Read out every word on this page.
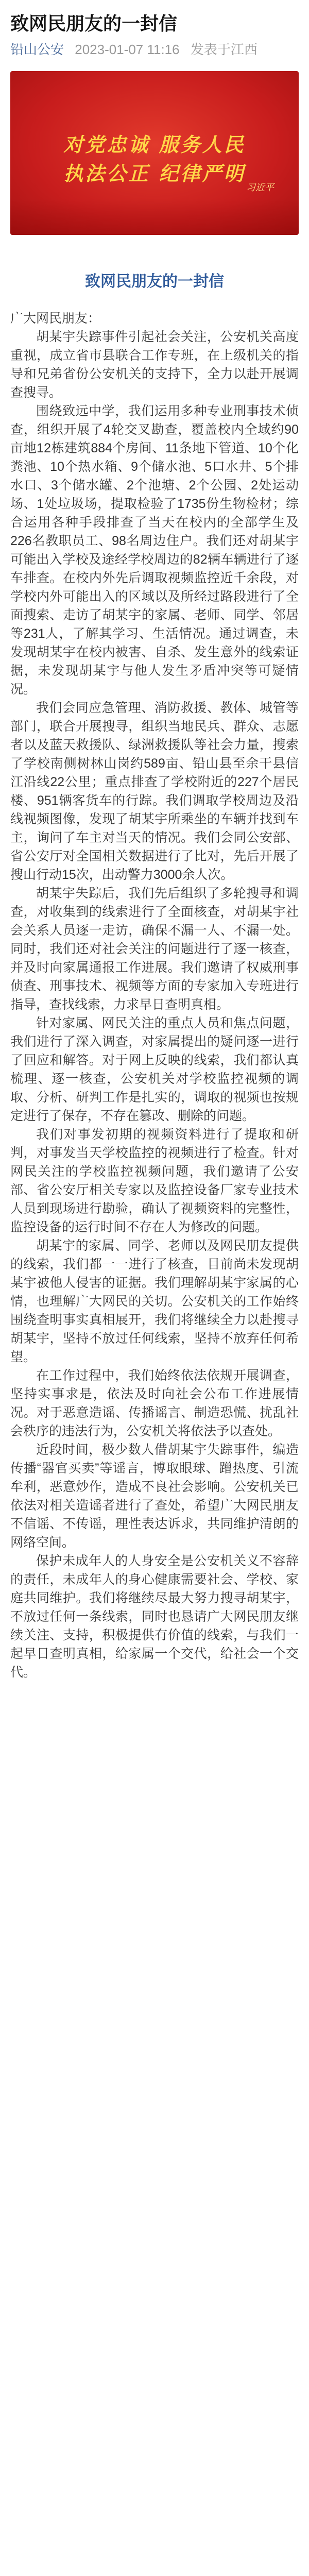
致网民朋友的一封信
铅山公安 2023-01-07 11:16 发表于江西
对党忠诚 服务人民
执法公正 纪律严明
习近平
致网民朋友的一封信

广大网民朋友：

胡某宇失踪事件引起社会关注，公安机关高度重视，成立省市县联合工作专班，在上级机关的指导和兄弟省份公安机关的支持下，全力以赴开展调查搜寻。

围绕致远中学，我们运用多种专业刑事技术侦查，组织开展了4轮交叉勘查，覆盖校内全域约90亩地12栋建筑884个房间、11条地下管道、10个化粪池、10个热水箱、9个储水池、5口水井、5个排水口、3个储水罐、2个池塘、2个公园、2处运动场、1处垃圾场，提取检验了1735份生物检材；综合运用各种手段排查了当天在校内的全部学生及226名教职员工、98名周边住户。我们还对胡某宇可能出入学校及途经学校周边的82辆车辆进行了逐车排查。在校内外先后调取视频监控近千余段，对学校内外可能出入的区域以及所经过路段进行了全面搜索、走访了胡某宇的家属、老师、同学、邻居等231人，了解其学习、生活情况。通过调查，未发现胡某宇在校内被害、自杀、发生意外的线索证据，未发现胡某宇与他人发生矛盾冲突等可疑情况。

我们会同应急管理、消防救援、教体、城管等部门，联合开展搜寻，组织当地民兵、群众、志愿者以及蓝天救援队、绿洲救援队等社会力量，搜索了学校南侧树林山岗约589亩、铅山县至余干县信江沿线22公里；重点排查了学校附近的227个居民楼、951辆客货车的行踪。我们调取学校周边及沿线视频图像，发现了胡某宇所乘坐的车辆并找到车主，询问了车主对当天的情况。我们会同公安部、省公安厅对全国相关数据进行了比对，先后开展了搜山行动15次，出动警力3000余人次。

胡某宇失踪后，我们先后组织了多轮搜寻和调查，对收集到的线索进行了全面核查，对胡某宇社会关系人员逐一走访，确保不漏一人、不漏一处。同时，我们还对社会关注的问题进行了逐一核查，并及时向家属通报工作进展。我们邀请了权威刑事侦查、刑事技术、视频等方面的专家加入专班进行指导，查找线索，力求早日查明真相。

针对家属、网民关注的重点人员和焦点问题，我们进行了深入调查，对家属提出的疑问逐一进行了回应和解答。对于网上反映的线索，我们都认真梳理、逐一核查，公安机关对学校监控视频的调取、分析、研判工作是扎实的，调取的视频也按规定进行了保存，不存在篡改、删除的问题。

我们对事发初期的视频资料进行了提取和研判，对事发当天学校监控的视频进行了检查。针对网民关注的学校监控视频问题，我们邀请了公安部、省公安厅相关专家以及监控设备厂家专业技术人员到现场进行勘验，确认了视频资料的完整性，监控设备的运行时间不存在人为修改的问题。

胡某宇的家属、同学、老师以及网民朋友提供的线索，我们都一一进行了核查，目前尚未发现胡某宇被他人侵害的证据。我们理解胡某宇家属的心情，也理解广大网民的关切。公安机关的工作始终围绕查明事实真相展开，我们将继续全力以赴搜寻胡某宇，坚持不放过任何线索，坚持不放弃任何希望。

在工作过程中，我们始终依法依规开展调查，坚持实事求是，依法及时向社会公布工作进展情况。对于恶意造谣、传播谣言、制造恐慌、扰乱社会秩序的违法行为，公安机关将依法予以查处。

近段时间，极少数人借胡某宇失踪事件，编造传播“器官买卖”等谣言，博取眼球、蹭热度、引流牟利，恶意炒作，造成不良社会影响。公安机关已依法对相关造谣者进行了查处，希望广大网民朋友不信谣、不传谣，理性表达诉求，共同维护清朗的网络空间。

保护未成年人的人身安全是公安机关义不容辞的责任，未成年人的身心健康需要社会、学校、家庭共同维护。我们将继续尽最大努力搜寻胡某宇，不放过任何一条线索，同时也恳请广大网民朋友继续关注、支持，积极提供有价值的线索，与我们一起早日查明真相，给家属一个交代，给社会一个交代。
